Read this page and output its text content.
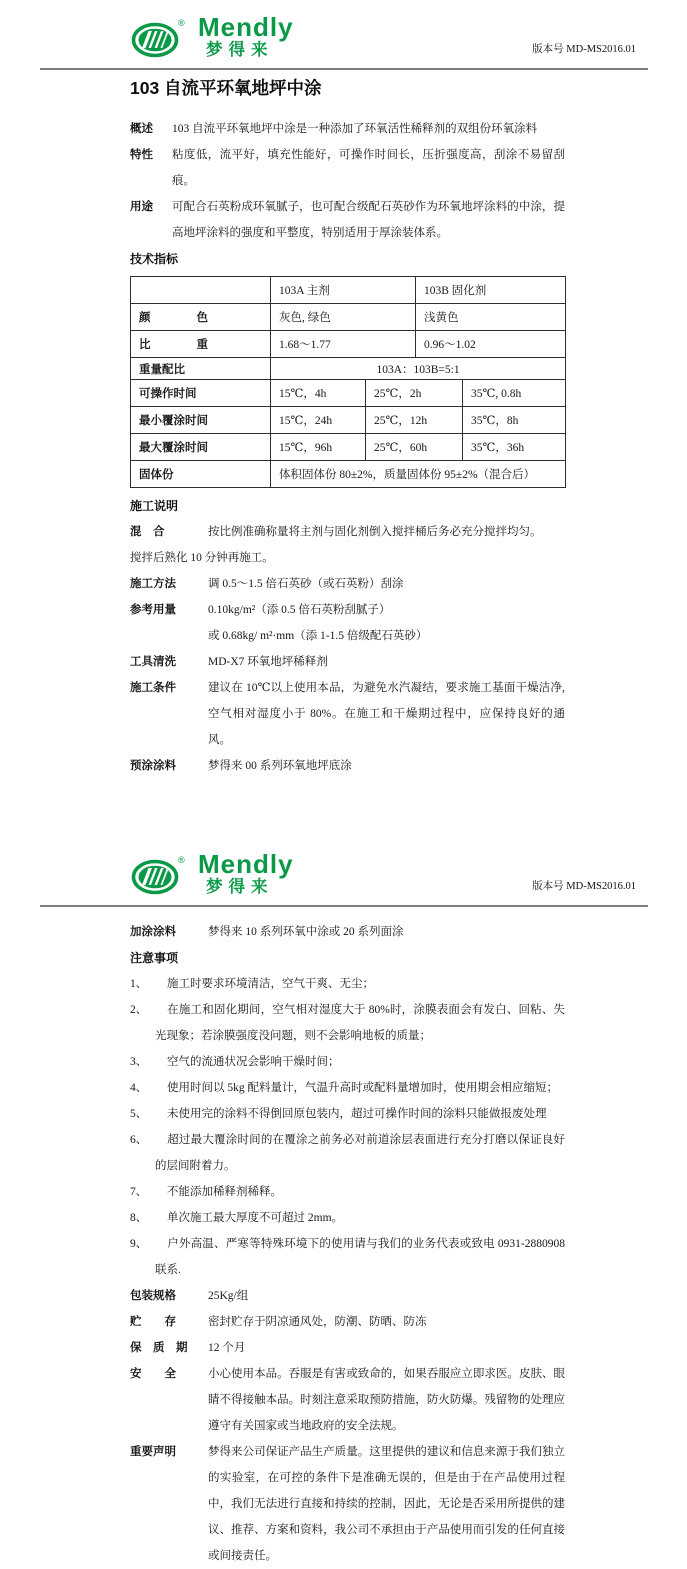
® Mendly
梦得来	版本号 MD-MS2016.01
103 自流平环氧地坪中涂
概述	103 自流平环氧地坪中涂是一种添加了环氧活性稀释剂的双组份环氧涂料
特性	粘度低，流平好，填充性能好，可操作时间长，压折强度高，刮涂不易留刮痕。
用途	可配合石英粉成环氧腻子，也可配合级配石英砂作为环氧地坪涂料的中涂，提高地坪涂料的强度和平整度，特别适用于厚涂装体系。
技术指标
	103A 主剂		103B 固化剂	
颜　　　　色	灰色, 绿色		浅黄色	
比　　　　重	1.68～1.77		0.96～1.02	
重量配比	103A：103B=5:1			
可操作时间	15℃，4h	25℃，2h		35℃, 0.8h
最小覆涂时间	15℃，24h	25℃，12h		35℃，8h
最大覆涂时间	15℃，96h	25℃，60h		35℃，36h
固体份	体积固体份 80±2%，质量固体份 95±2%（混合后）			
施工说明
混　合	按比例准确称量将主剂与固化剂倒入搅拌桶后务必充分搅拌均匀。

搅拌后熟化 10 分钟再施工。

施工方法	调 0.5～1.5 倍石英砂（或石英粉）刮涂
参考用量	0.10kg/m²（添 0.5 倍石英粉刮腻子）
或 0.68kg/ m²·mm（添 1-1.5 倍级配石英砂）
工具清洗	MD-X7 环氧地坪稀释剂
施工条件	建议在 10℃以上使用本品，为避免水汽凝结，要求施工基面干燥洁净, 空气相对湿度小于 80%。在施工和干燥期过程中，应保持良好的通风。
预涂涂料	梦得来 00 系列环氧地坪底涂
® Mendly
梦得来	版本号 MD-MS2016.01
加涂涂料	梦得来 10 系列环氧中涂或 20 系列面涂
注意事项

1、 施工时要求环境清洁，空气干爽、无尘；

2、 在施工和固化期间，空气相对湿度大于 80%时，涂膜表面会有发白、回粘、失光现象；若涂膜强度没问题，则不会影响地板的质量；

3、 空气的流通状况会影响干燥时间；

4、 使用时间以 5kg 配料量计，气温升高时或配料量增加时，使用期会相应缩短；

5、 未使用完的涂料不得倒回原包装内，超过可操作时间的涂料只能做报废处理

6、 超过最大覆涂时间的在覆涂之前务必对前道涂层表面进行充分打磨以保证良好的层间附着力。

7、 不能添加稀释剂稀释。

8、 单次施工最大厚度不可超过 2mm。

9、 户外高温、严寒等特殊环境下的使用请与我们的业务代表或致电 0931-2880908 联系.

包装规格	25Kg/组
贮　　存	密封贮存于阴凉通风处，防潮、防晒、防冻
保　质　期	12 个月
安　　全	小心使用本品。吞服是有害或致命的，如果吞服应立即求医。皮肤、眼睛不得接触本品。时刻注意采取预防措施，防火防爆。残留物的处理应遵守有关国家或当地政府的安全法规。
重要声明	梦得来公司保证产品生产质量。这里提供的建议和信息来源于我们独立的实验室，在可控的条件下是准确无误的，但是由于在产品使用过程中，我们无法进行直接和持续的控制，因此，无论是否采用所提供的建议、推荐、方案和资料，我公司不承担由于产品使用而引发的任何直接或间接责任。
